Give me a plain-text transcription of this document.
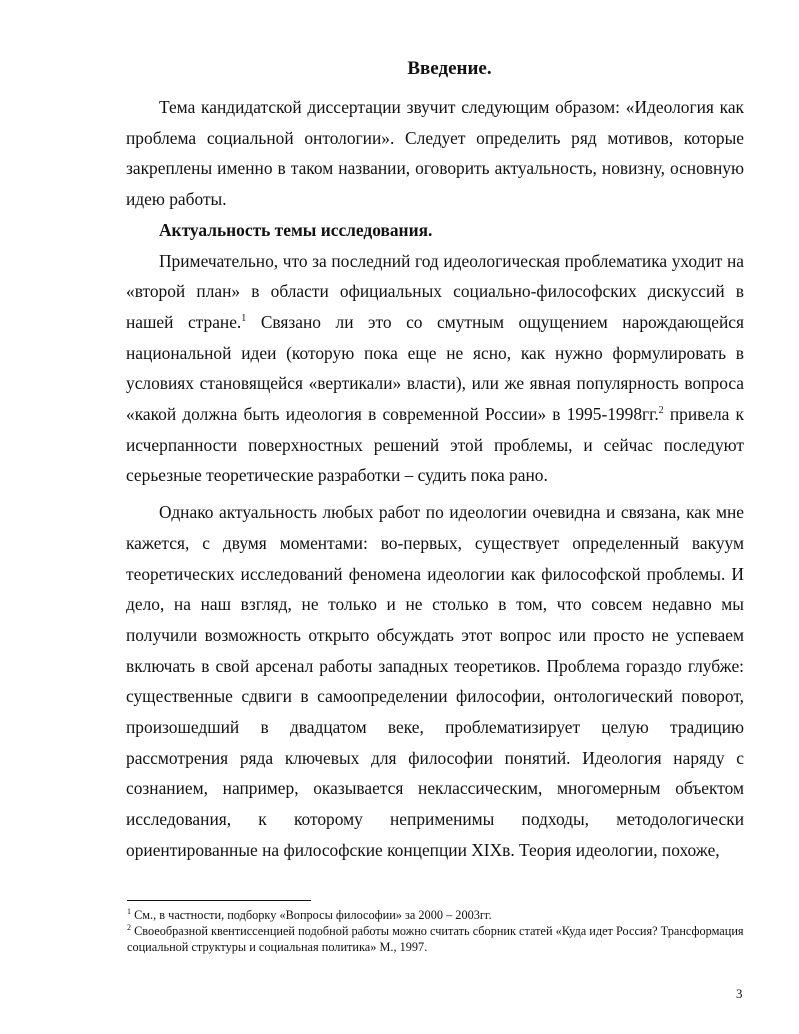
Введение.

Тема кандидатской диссертации звучит следующим образом: «Идеология как проблема социальной онтологии». Следует определить ряд мотивов, которые закреплены именно в таком названии, оговорить актуальность, новизну, основную идею работы.

Актуальность темы исследования.

Примечательно, что за последний год идеологическая проблематика уходит на «второй план» в области официальных социально-философских дискуссий в нашей стране.$^1$ Связано ли это со смутным ощущением нарождающейся национальной идеи (которую пока еще не ясно, как нужно формулировать в условиях становящейся «вертикали» власти), или же явная популярность вопроса «какой должна быть идеология в современной России» в 1995-1998гг.$^2$ привела к исчерпанности поверхностных решений этой проблемы, и сейчас последуют серьезные теоретические разработки – судить пока рано.

Однако актуальность любых работ по идеологии очевидна и связана, как мне кажется, с двумя моментами: во-первых, существует определенный вакуум теоретических исследований феномена идеологии как философской проблемы. И дело, на наш взгляд, не только и не столько в том, что совсем недавно мы получили возможность открыто обсуждать этот вопрос или просто не успеваем включать в свой арсенал работы западных теоретиков. Проблема гораздо глубже: существенные сдвиги в самоопределении философии, онтологический поворот, произошедший в двадцатом веке, проблематизирует целую традицию рассмотрения ряда ключевых для философии понятий. Идеология наряду с сознанием, например, оказывается неклассическим, многомерным объектом исследования, к которому неприменимы подходы, методологически ориентированные на философские концепции XIXв. Теория идеологии, похоже,

$^1$ См., в частности, подборку «Вопросы философии» за 2000 – 2003гг.

$^2$ Своеобразной квентиссенцией подобной работы можно считать сборник статей «Куда идет Россия? Трансформация социальной структуры и социальная политика» М., 1997.

3
